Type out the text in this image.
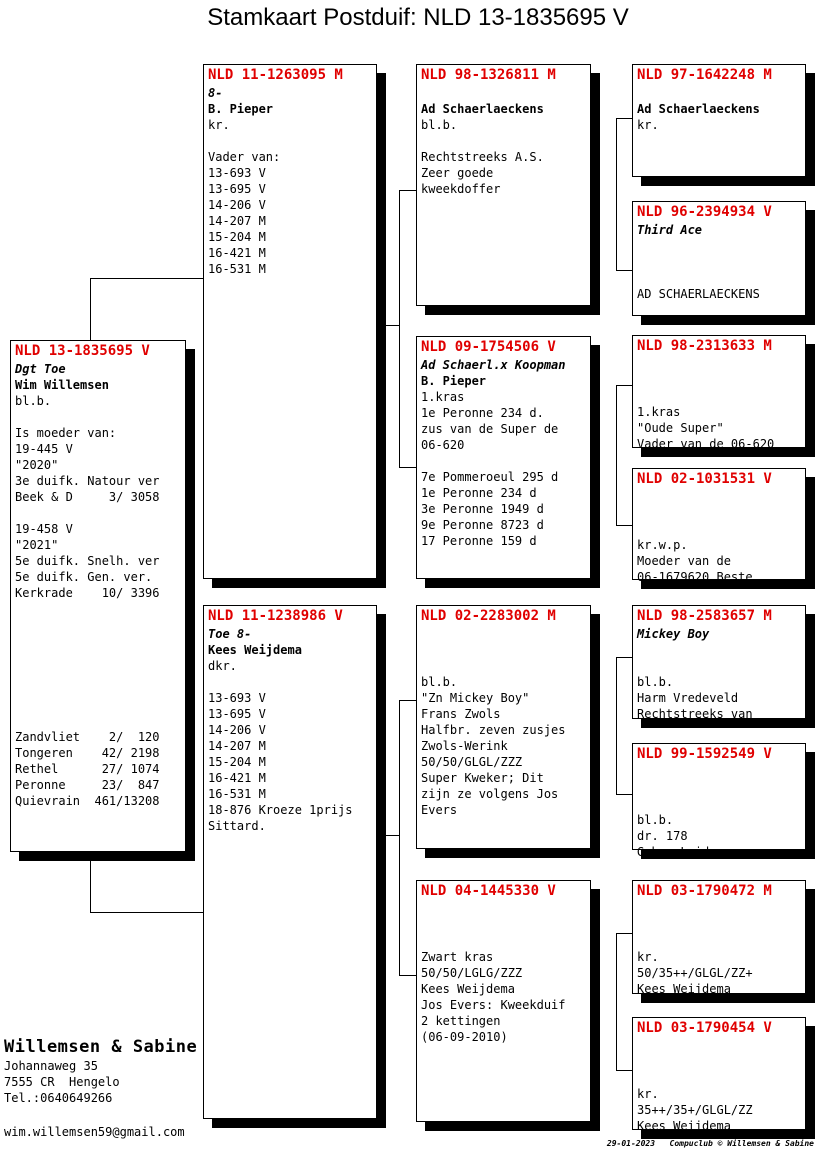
Stamkaart Postduif: NLD 13-1835695 V
NLD 13-1835695 V
Dgt Toe
Wim Willemsen
bl.b.
Is moeder van:
19-445 V
"2020"
3e duifk. Natour ver
Beek & D     3/ 3058
19-458 V
"2021"
5e duifk. Snelh. ver
5e duifk. Gen. ver.
Kerkrade    10/ 3396
Zandvliet    2/  120
Tongeren    42/ 2198
Rethel      27/ 1074
Peronne     23/  847
Quievrain  461/13208
NLD 11-1263095 M
8-
B. Pieper
kr.
Vader van:
13-693 V
13-695 V
14-206 V
14-207 M
15-204 M
16-421 M
16-531 M
NLD 11-1238986 V
Toe 8-
Kees Weijdema
dkr.
13-693 V
13-695 V
14-206 V
14-207 M
15-204 M
16-421 M
16-531 M
18-876 Kroeze 1prijs
Sittard.
NLD 98-1326811 M
Ad Schaerlaeckens
bl.b.
Rechtstreeks A.S.
Zeer goede
kweekdoffer
NLD 09-1754506 V
Ad Schaerl.x Koopman
B. Pieper
1.kras
1e Peronne 234 d.
zus van de Super de
06-620
7e Pommeroeul 295 d
1e Peronne 234 d
3e Peronne 1949 d
9e Peronne 8723 d
17 Peronne 159 d
NLD 02-2283002 M
bl.b.
"Zn Mickey Boy"
Frans Zwols
Halfbr. zeven zusjes
Zwols-Werink
50/50/GLGL/ZZZ
Super Kweker; Dit
zijn ze volgens Jos
Evers
NLD 04-1445330 V
Zwart kras
50/50/LGLG/ZZZ
Kees Weijdema
Jos Evers: Kweekduif
2 kettingen
(06-09-2010)
NLD 97-1642248 M
Ad Schaerlaeckens
kr.
NLD 96-2394934 V
Third Ace
AD SCHAERLAECKENS
NLD 98-2313633 M
1.kras
"Oude Super"
Vader van de 06-620
NLD 02-1031531 V
kr.w.p.
Moeder van de
06-1679620 Beste
NLD 98-2583657 M
Mickey Boy
bl.b.
Harm Vredeveld
Rechtstreeks van
NLD 99-1592549 V
bl.b.
dr. 178
Gebr. Leideman
NLD 03-1790472 M
kr.
50/35++/GLGL/ZZ+
Kees Weijdema
NLD 03-1790454 V
kr.
35++/35+/GLGL/ZZ
Kees Weijdema
Willemsen & Sabine
Johannaweg 35
7555 CR  Hengelo
Tel.:0640649266
wim.willemsen59@gmail.com
29-01-2023   Compuclub © Willemsen & Sabine
